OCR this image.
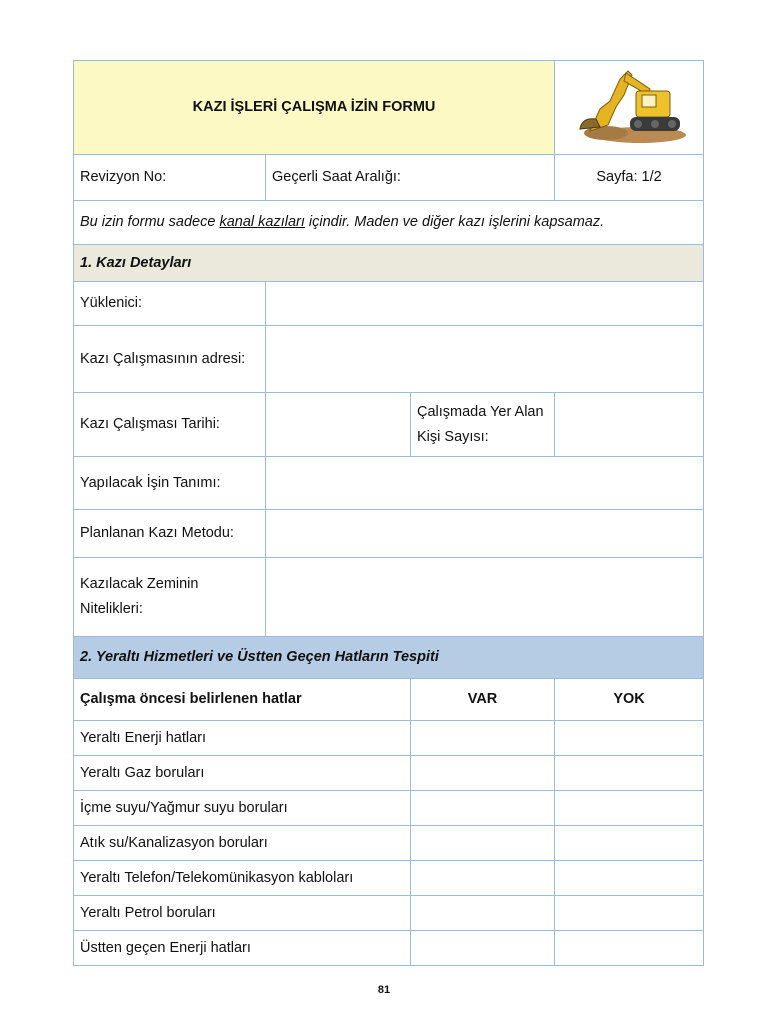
KAZI İŞLERİ ÇALIŞMA İZİN FORMU	
Revizyon No:	Geçerli Saat Aralığı:		Sayfa: 1/2
Bu izin formu sadece kanal kazıları içindir. Maden ve diğer kazı işlerini kapsamaz.			
1. Kazı Detayları			
Yüklenici:			
Kazı Çalışmasının adresi:			
Kazı Çalışması Tarihi:		Çalışmada Yer Alan Kişi Sayısı:	
Yapılacak İşin Tanımı:			
Planlanan Kazı Metodu:			
Kazılacak Zeminin Nitelikleri:			
2. Yeraltı Hizmetleri ve Üstten Geçen Hatların Tespiti			
Çalışma öncesi belirlenen hatlar		VAR	YOK
Yeraltı Enerji hatları			
Yeraltı Gaz boruları			
İçme suyu/Yağmur suyu boruları			
Atık su/Kanalizasyon boruları			
Yeraltı Telefon/Telekomünikasyon kabloları			
Yeraltı Petrol boruları			
Üstten geçen Enerji hatları			
81
